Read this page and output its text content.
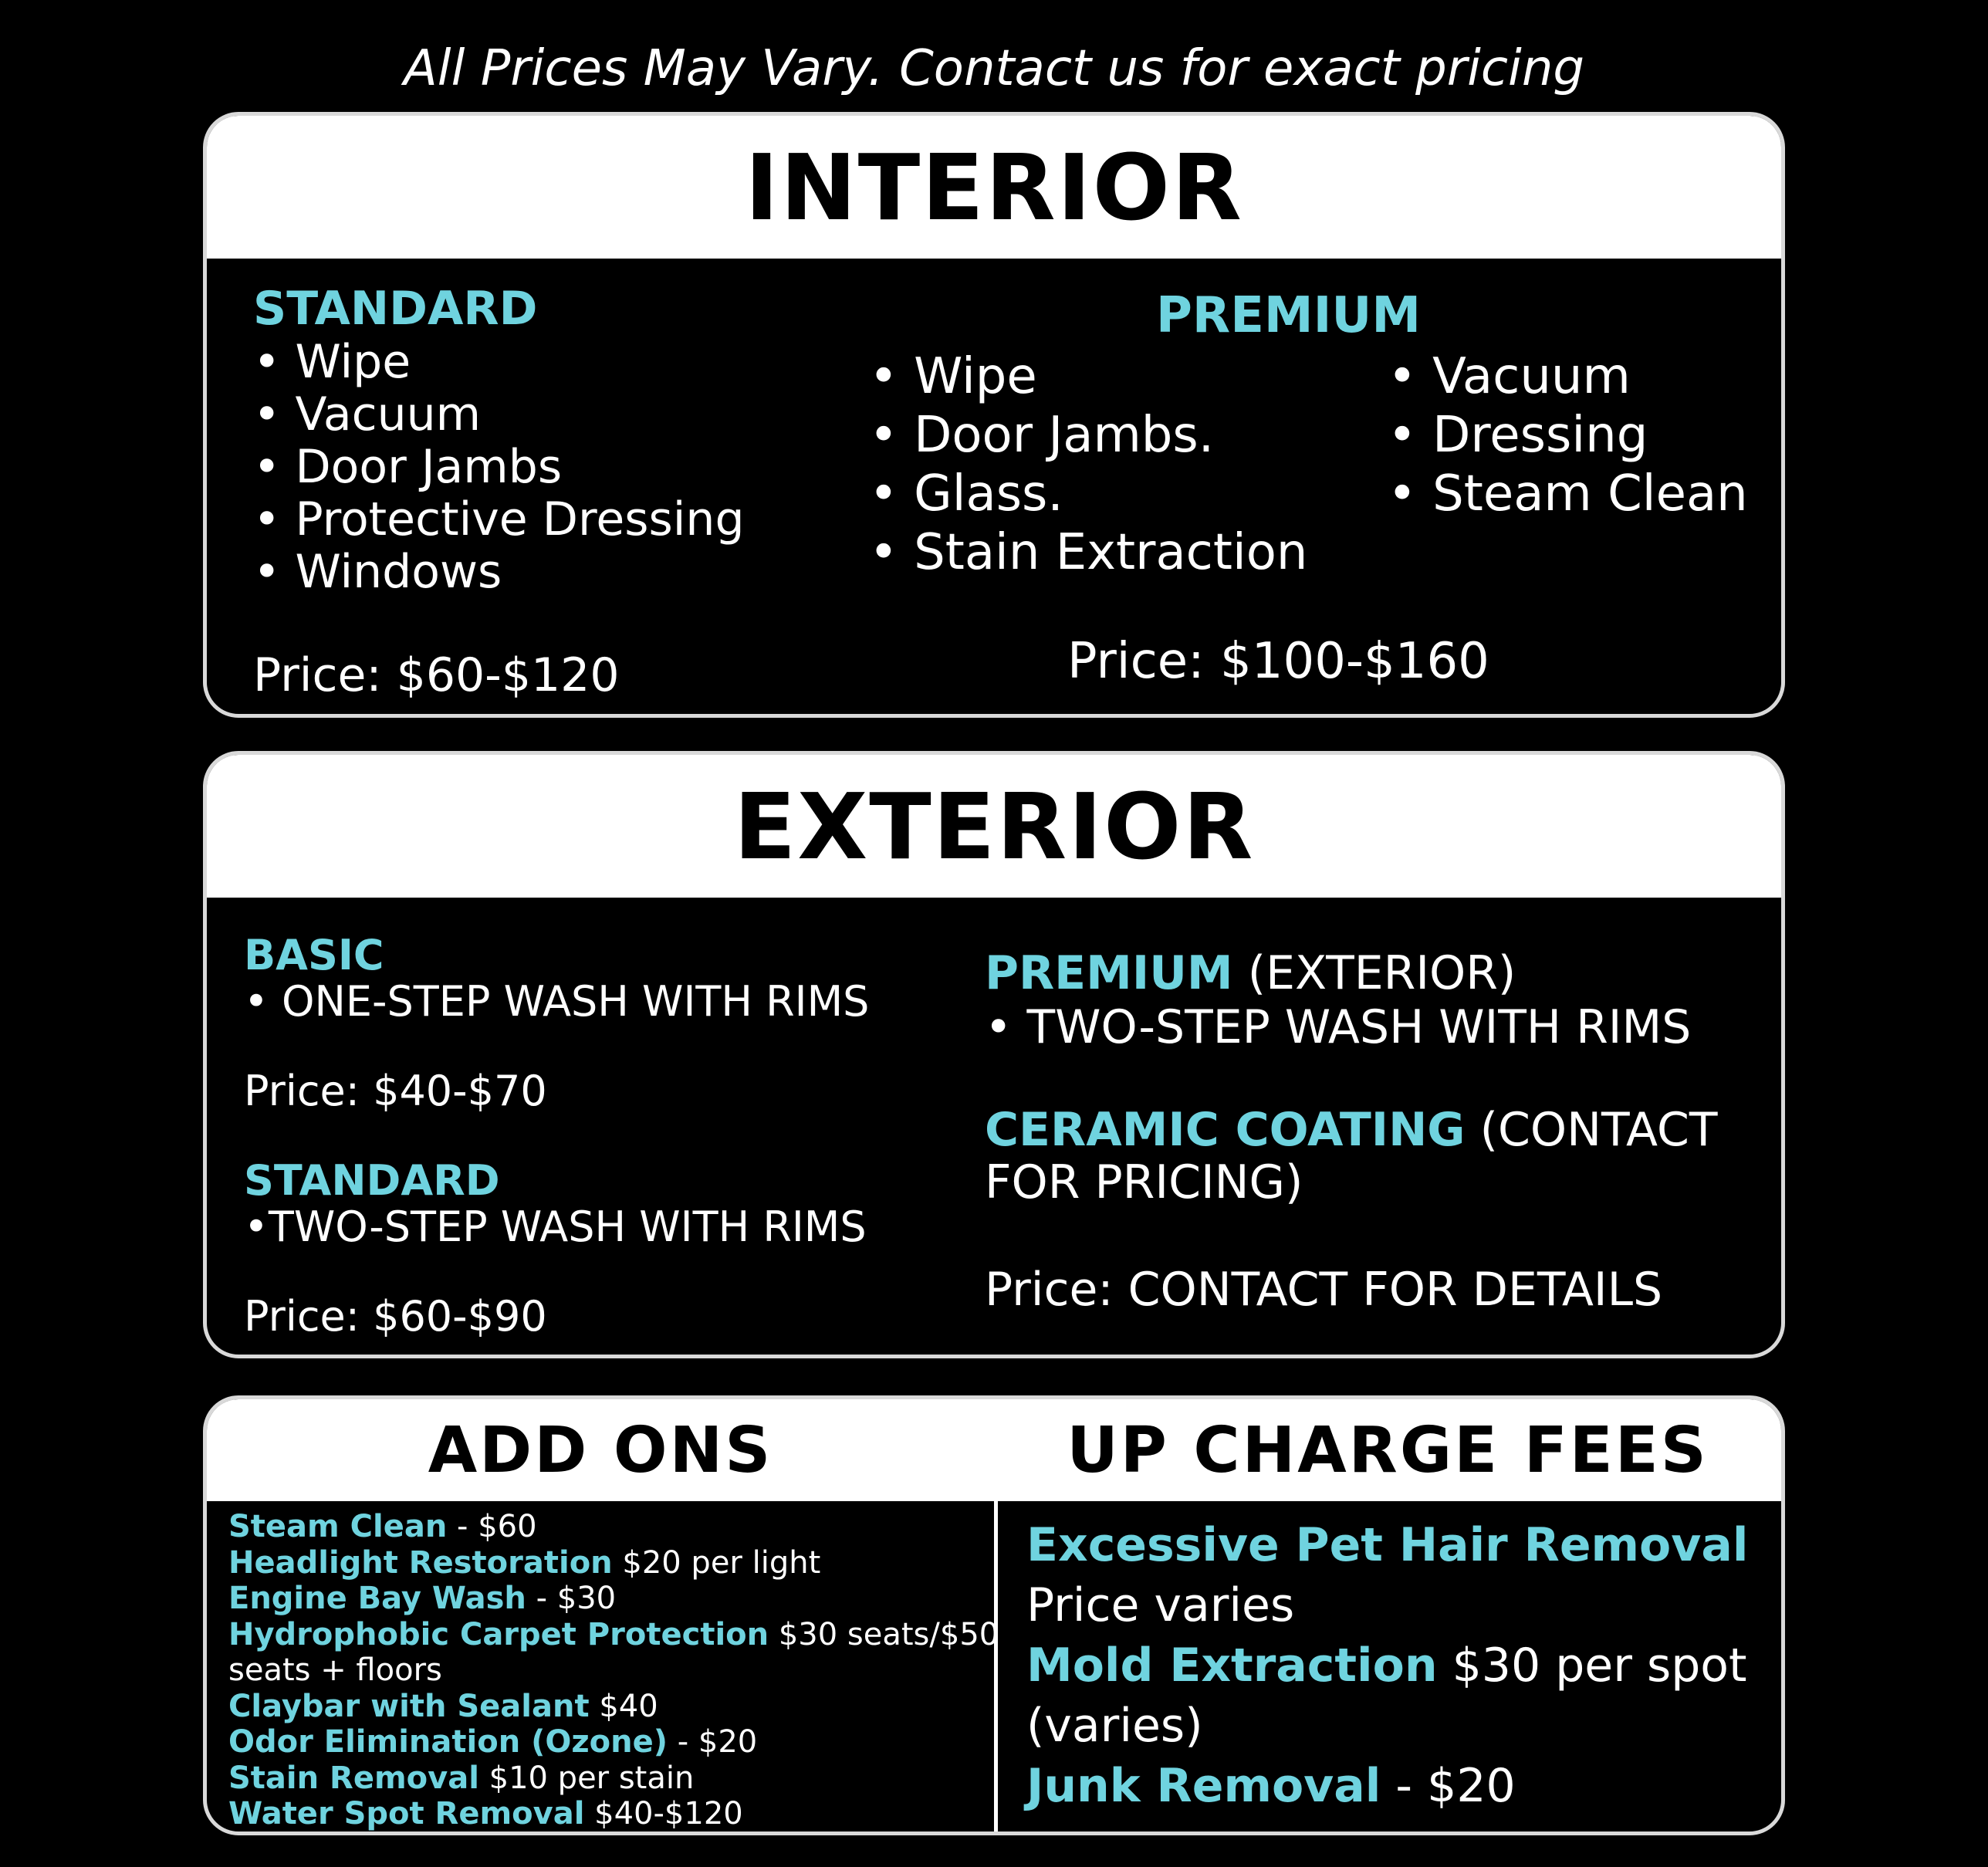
All Prices May Vary. Contact us for exact pricing
INTERIOR
STANDARD
• Wipe
• Vacuum
• Door Jambs
• Protective Dressing
• Windows
Price: $60-$120
PREMIUM
• Wipe
• Door Jambs.
• Glass.
• Stain Extraction
• Vacuum
• Dressing
• Steam Clean
Price: $100-$160
EXTERIOR
BASIC
• ONE-STEP WASH WITH RIMS
Price: $40-$70
STANDARD
•TWO-STEP WASH WITH RIMS
Price: $60-$90
PREMIUM (EXTERIOR)
• TWO-STEP WASH WITH RIMS
CERAMIC COATING (CONTACT FOR PRICING)
Price: CONTACT FOR DETAILS
ADD ONS	UP CHARGE FEES
Steam Clean - $60
Headlight Restoration $20 per light
Engine Bay Wash - $30
Hydrophobic Carpet Protection $30 seats/$50
seats + floors
Claybar with Sealant $40
Odor Elimination (Ozone) - $20
Stain Removal $10 per stain
Water Spot Removal $40-$120
Excessive Pet Hair Removal
Price varies
Mold Extraction $30 per spot (varies)
Junk Removal - $20
